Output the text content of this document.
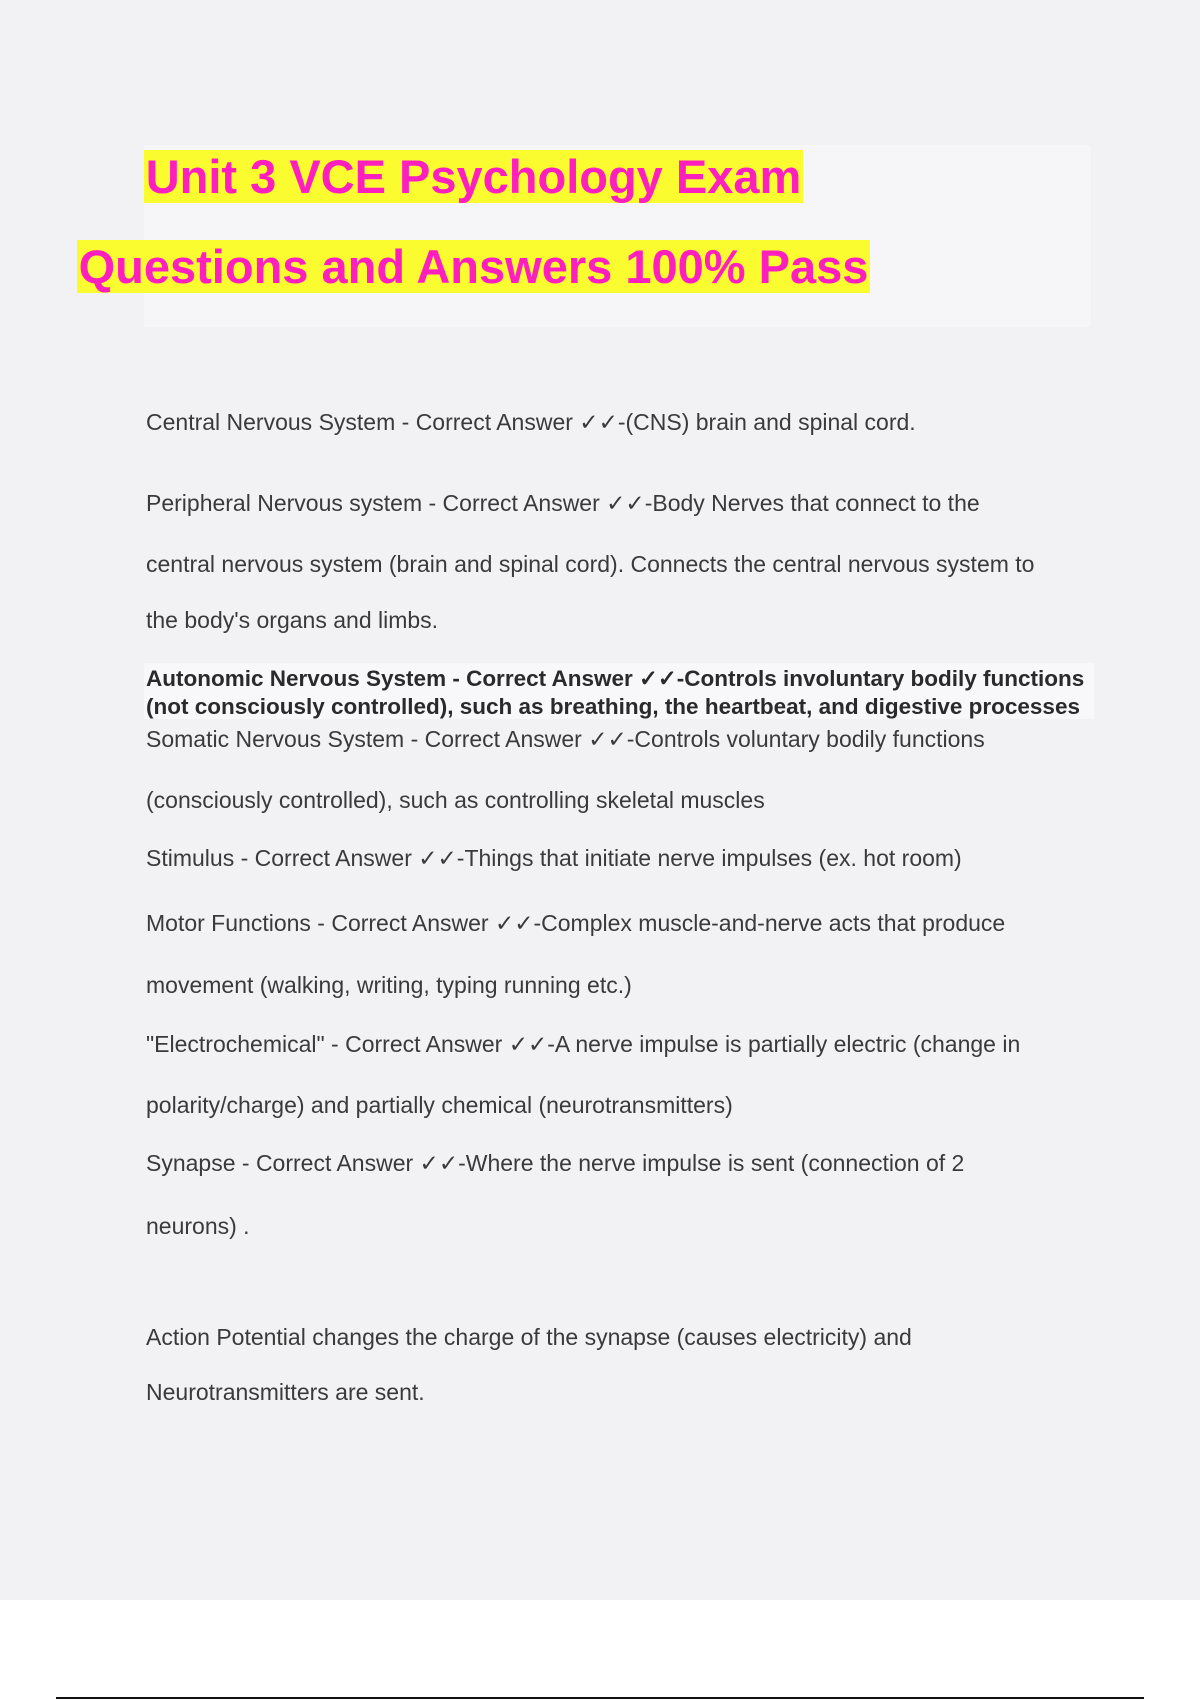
Unit 3 VCE Psychology Exam
Questions and Answers 100% Pass
Central Nervous System - Correct Answer ✓✓-(CNS) brain and spinal cord.
Peripheral Nervous system - Correct Answer ✓✓-Body Nerves that connect to the
central nervous system (brain and spinal cord). Connects the central nervous system to
the body's organs and limbs.
Autonomic Nervous System - Correct Answer ✓✓-Controls involuntary bodily functions
(not consciously controlled), such as breathing, the heartbeat, and digestive processes
Somatic Nervous System - Correct Answer ✓✓-Controls voluntary bodily functions
(consciously controlled), such as controlling skeletal muscles
Stimulus - Correct Answer ✓✓-Things that initiate nerve impulses (ex. hot room)
Motor Functions - Correct Answer ✓✓-Complex muscle-and-nerve acts that produce
movement (walking, writing, typing running etc.)
"Electrochemical" - Correct Answer ✓✓-A nerve impulse is partially electric (change in
polarity/charge) and partially chemical (neurotransmitters)
Synapse - Correct Answer ✓✓-Where the nerve impulse is sent (connection of 2
neurons) .
Action Potential changes the charge of the synapse (causes electricity) and
Neurotransmitters are sent.
